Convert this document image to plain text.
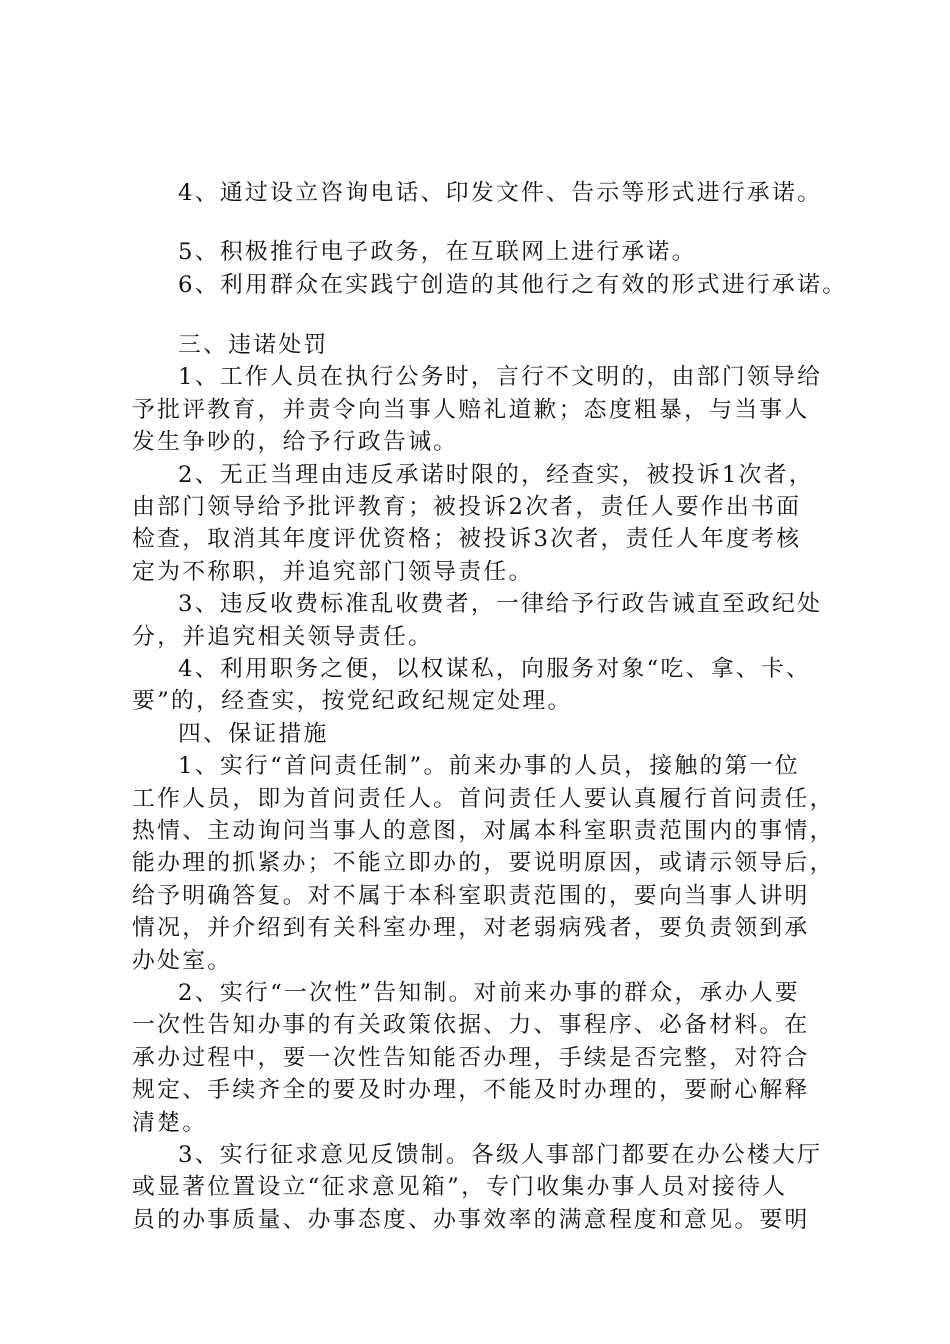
4、通过设立咨询电话、印发文件、告示等形式进行承诺。
5、积极推行电子政务，在互联网上进行承诺。
6、利用群众在实践宁创造的其他行之有效的形式进行承诺。
三、违诺处罚
1、工作人员在执行公务时，言行不文明的，由部门领导给
予批评教育，并责令向当事人赔礼道歉；态度粗暴，与当事人
发生争吵的，给予行政告诫。
2、无正当理由违反承诺时限的，经查实，被投诉1次者，
由部门领导给予批评教育；被投诉2次者，责任人要作出书面
检查，取消其年度评优资格；被投诉3次者，责任人年度考核
定为不称职，并追究部门领导责任。
3、违反收费标准乱收费者，一律给予行政告诫直至政纪处
分，并追究相关领导责任。
4、利用职务之便，以权谋私，向服务对象“吃、拿、卡、
要”的，经查实，按党纪政纪规定处理。
四、保证措施
1、实行“首问责任制”。前来办事的人员，接触的第一位
工作人员，即为首问责任人。首问责任人要认真履行首问责任，
热情、主动询问当事人的意图，对属本科室职责范围内的事情，
能办理的抓紧办；不能立即办的，要说明原因，或请示领导后，
给予明确答复。对不属于本科室职责范围的，要向当事人讲明
情况，并介绍到有关科室办理，对老弱病残者，要负责领到承
办处室。
2、实行“一次性”告知制。对前来办事的群众，承办人要
一次性告知办事的有关政策依据、力、事程序、必备材料。在
承办过程中，要一次性告知能否办理，手续是否完整，对符合
规定、手续齐全的要及时办理，不能及时办理的，要耐心解释
清楚。
3、实行征求意见反馈制。各级人事部门都要在办公楼大厅
或显著位置设立“征求意见箱”，专门收集办事人员对接待人
员的办事质量、办事态度、办事效率的满意程度和意见。要明
